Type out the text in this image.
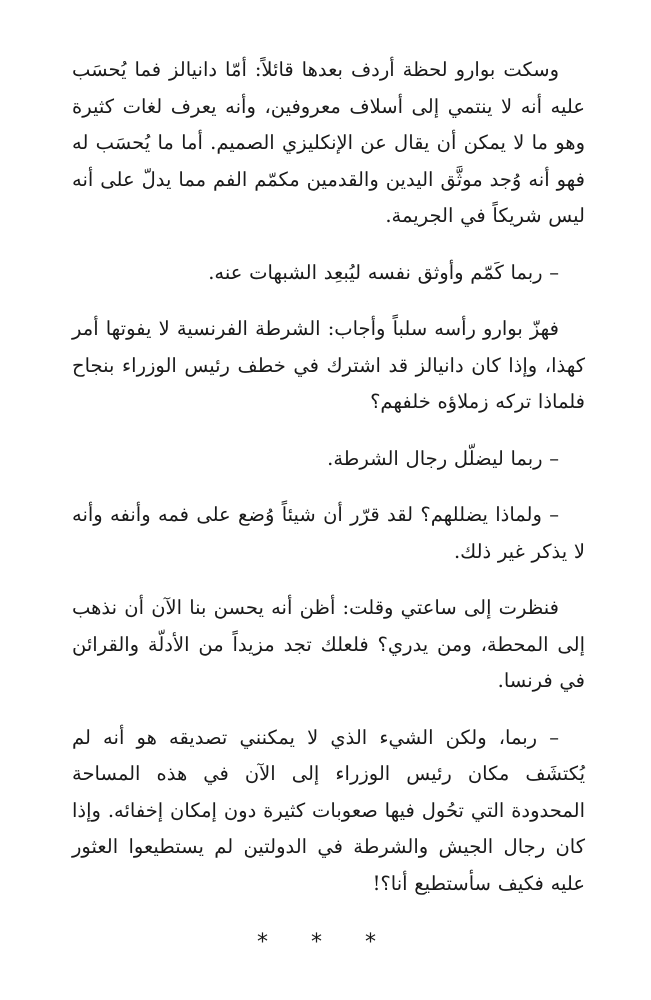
وسكت بوارو لحظة أردف بعدها قائلاً: أمّا دانيالز فما يُحسَب عليه أنه لا ينتمي إلى أسلاف معروفين، وأنه يعرف لغات كثيرة وهو ما لا يمكن أن يقال عن الإنكليزي الصميم. أما ما يُحسَب له فهو أنه وُجد موثَّق اليدين والقدمين مكمّم الفم مما يدلّ على أنه ليس شريكاً في الجريمة.

– ربما كَمّم وأوثق نفسه ليُبعِد الشبهات عنه.

فهزّ بوارو رأسه سلباً وأجاب: الشرطة الفرنسية لا يفوتها أمر كهذا، وإذا كان دانيالز قد اشترك في خطف رئيس الوزراء بنجاح فلماذا تركه زملاؤه خلفهم؟

– ربما ليضلّل رجال الشرطة.

– ولماذا يضللهم؟ لقد قرّر أن شيئاً وُضع على فمه وأنفه وأنه لا يذكر غير ذلك.

فنظرت إلى ساعتي وقلت: أظن أنه يحسن بنا الآن أن نذهب إلى المحطة، ومن يدري؟ فلعلك تجد مزيداً من الأدلّة والقرائن في فرنسا.

– ربما، ولكن الشيء الذي لا يمكنني تصديقه هو أنه لم يُكتشَف مكان رئيس الوزراء إلى الآن في هذه المساحة المحدودة التي تحُول فيها صعوبات كثيرة دون إمكان إخفائه. وإذا كان رجال الجيش والشرطة في الدولتين لم يستطيعوا العثور عليه فكيف سأستطيع أنا؟!

* * *
